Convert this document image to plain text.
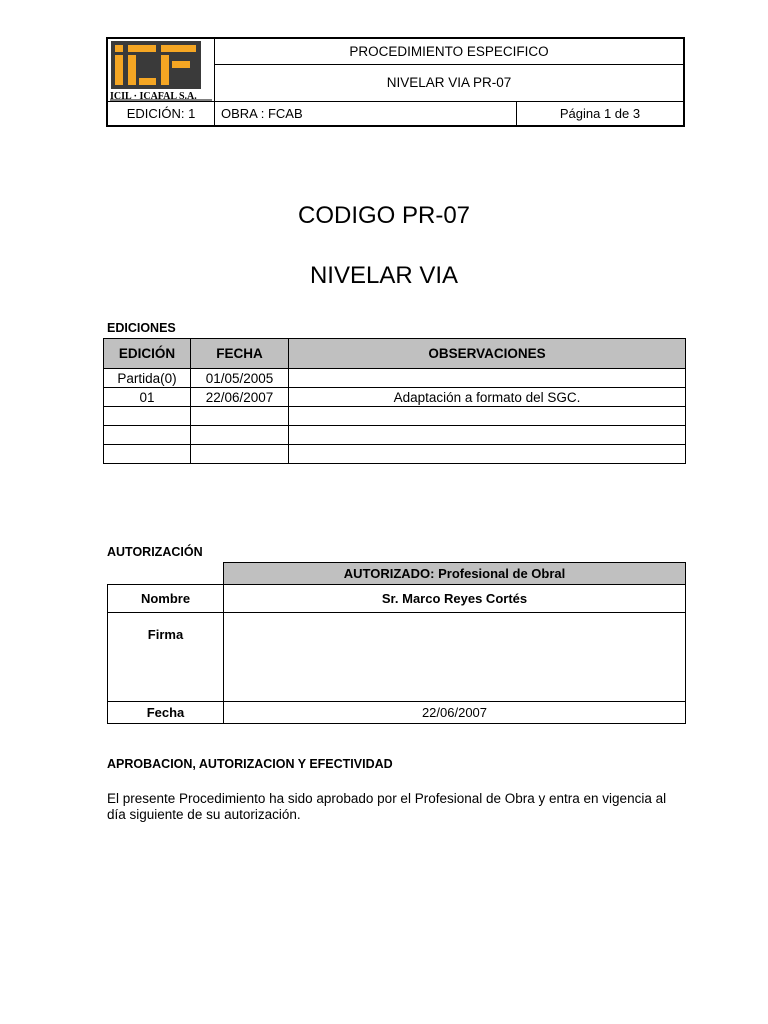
ICIL · ICAFAL S.A.
PROCEDIMIENTO ESPECIFICO
NIVELAR VIA PR-07
EDICIÓN: 1	OBRA : FCAB	Página 1 de 3
CODIGO PR-07
NIVELAR VIA
EDICIONES
EDICIÓN	FECHA	OBSERVACIONES
Partida(0)	01/05/2005	
01	22/06/2007	Adaptación a formato del SGC.

AUTORIZACIÓN
	AUTORIZADO: Profesional de Obral
Nombre	Sr. Marco Reyes Cortés
Firma	
Fecha	22/06/2007
APROBACION, AUTORIZACION Y EFECTIVIDAD
El presente Procedimiento ha sido aprobado por el Profesional de Obra y entra en vigencia al día siguiente de su autorización.
